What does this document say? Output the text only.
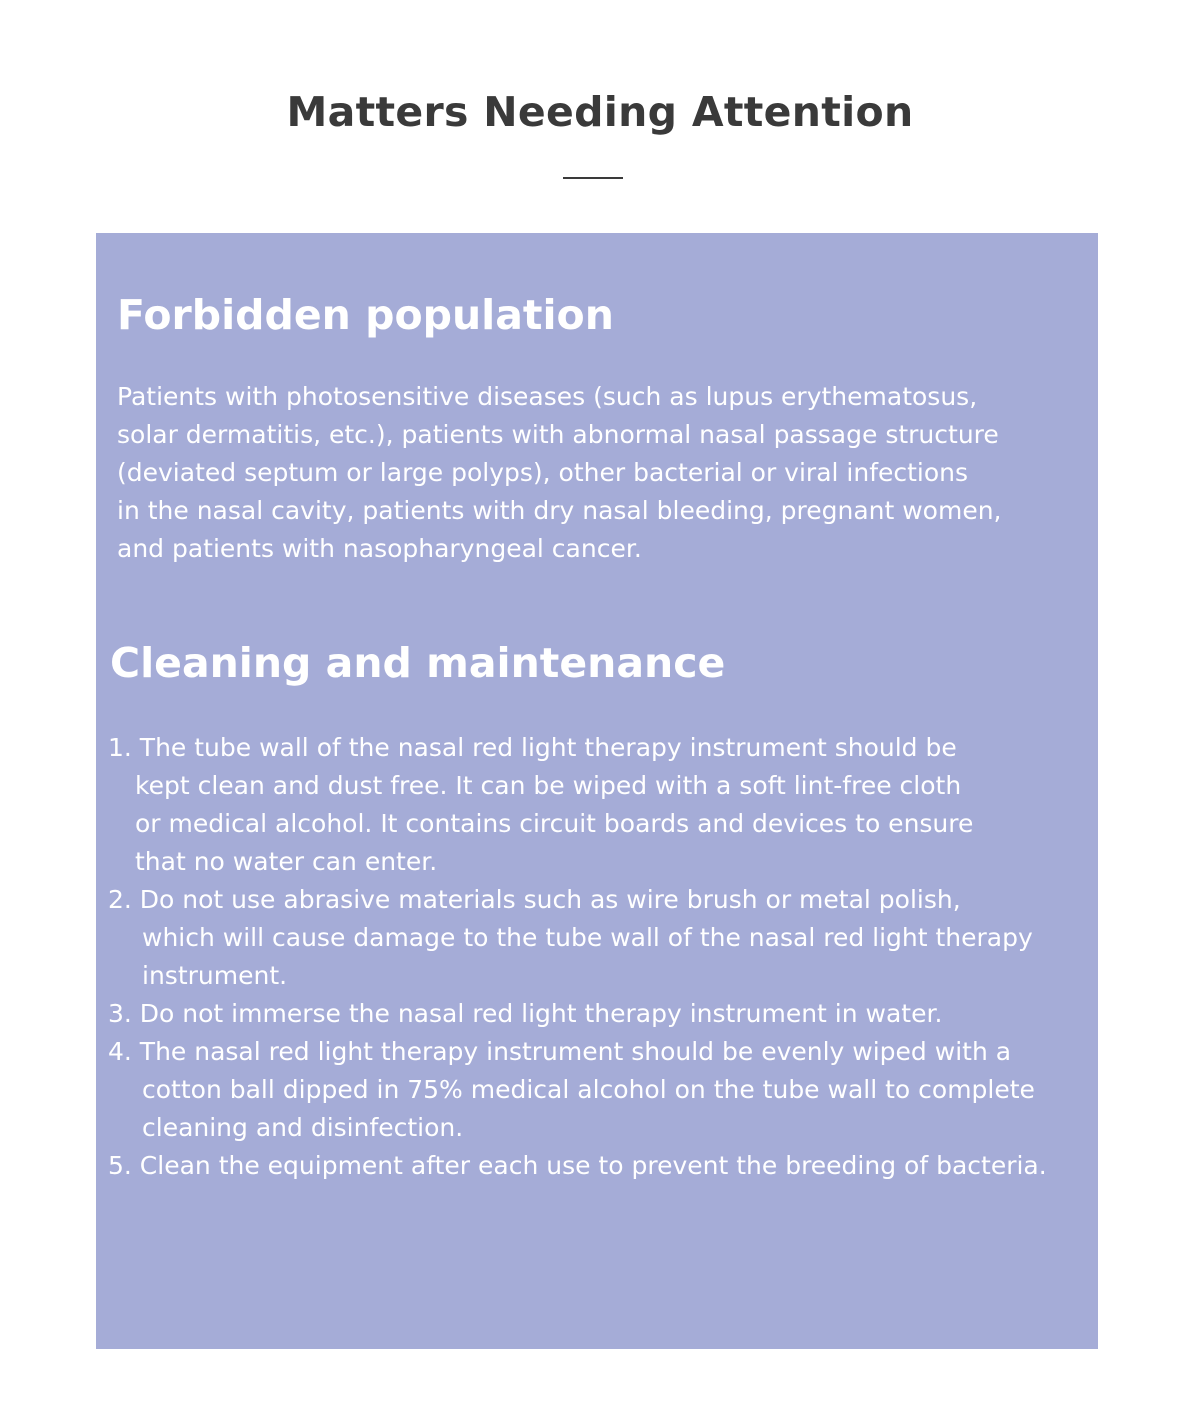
Matters Needing Attention
Forbidden population

Patients with photosensitive diseases (such as lupus erythematosus,
solar dermatitis, etc.), patients with abnormal nasal passage structure
(deviated septum or large polyps), other bacterial or viral infections
in the nasal cavity, patients with dry nasal bleeding, pregnant women,
and patients with nasopharyngeal cancer.

Cleaning and maintenance
1. The tube wall of the nasal red light therapy instrument should be
kept clean and dust free. It can be wiped with a soft lint-free cloth
or medical alcohol. It contains circuit boards and devices to ensure
that no water can enter.
2. Do not use abrasive materials such as wire brush or metal polish,
which will cause damage to the tube wall of the nasal red light therapy
instrument.
3. Do not immerse the nasal red light therapy instrument in water.
4. The nasal red light therapy instrument should be evenly wiped with a
cotton ball dipped in 75% medical alcohol on the tube wall to complete
cleaning and disinfection.
5. Clean the equipment after each use to prevent the breeding of bacteria.
